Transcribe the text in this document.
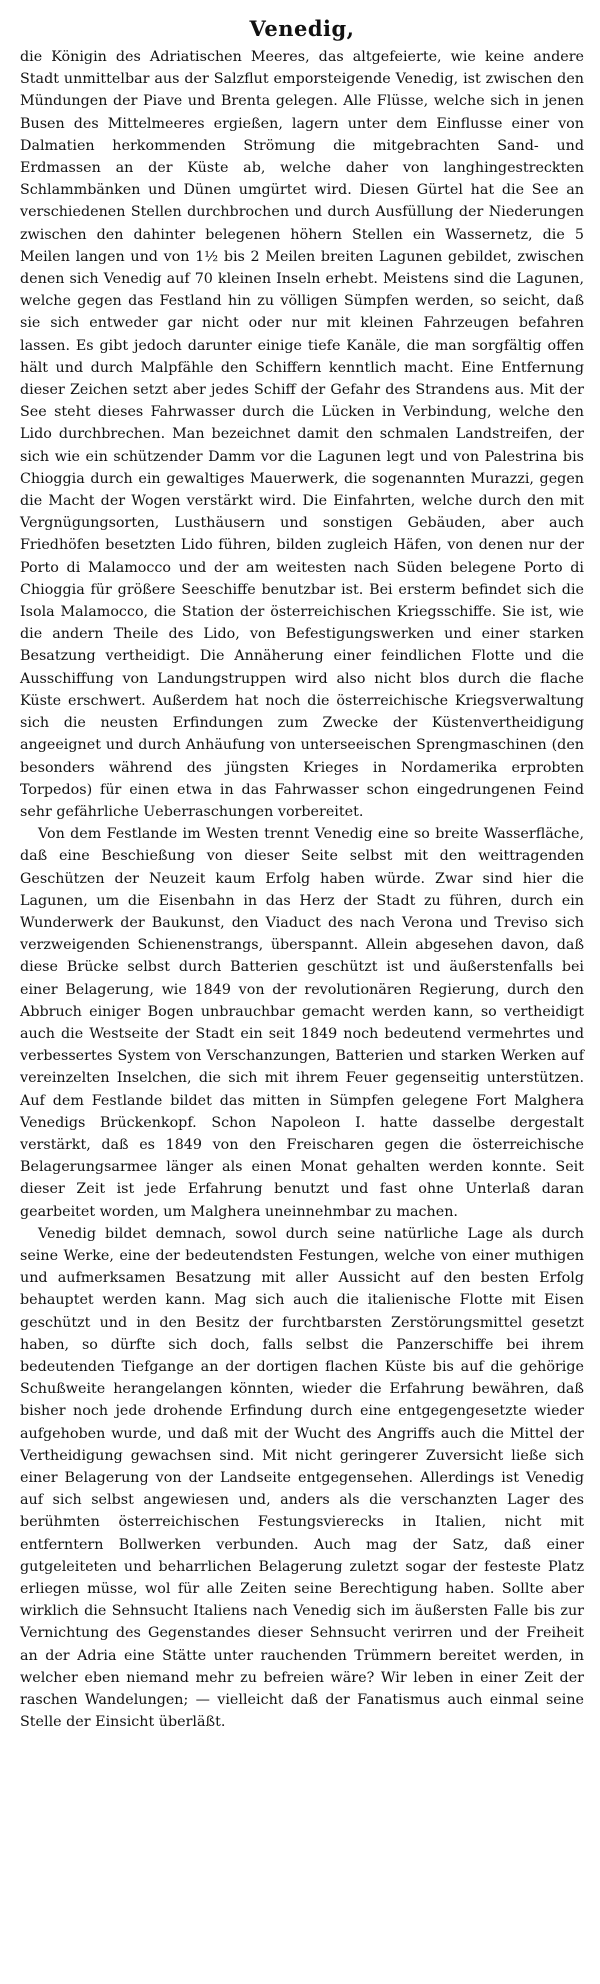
Venedig,

die Königin des Adriatischen Meeres, das altgefeierte, wie keine andere Stadt unmittelbar aus der Salzflut emporsteigende Venedig, ist zwischen den Mündungen der Piave und Brenta gelegen. Alle Flüsse, welche sich in jenen Busen des Mittelmeeres ergießen, lagern unter dem Einflusse einer von Dalmatien herkommenden Strömung die mitgebrachten Sand- und Erdmassen an der Küste ab, welche daher von langhingestreckten Schlammbänken und Dünen umgürtet wird. Diesen Gürtel hat die See an verschiedenen Stellen durchbrochen und durch Ausfüllung der Niederungen zwischen den dahinter belegenen höhern Stellen ein Wassernetz, die 5 Meilen langen und von 1½ bis 2 Meilen breiten Lagunen gebildet, zwischen denen sich Venedig auf 70 kleinen Inseln erhebt. Meistens sind die Lagunen, welche gegen das Festland hin zu völligen Sümpfen werden, so seicht, daß sie sich entweder gar nicht oder nur mit kleinen Fahrzeugen befahren lassen. Es gibt jedoch darunter einige tiefe Kanäle, die man sorgfältig offen hält und durch Malpfähle den Schiffern kenntlich macht. Eine Entfernung dieser Zeichen setzt aber jedes Schiff der Gefahr des Strandens aus. Mit der See steht dieses Fahrwasser durch die Lücken in Verbindung, welche den Lido durchbrechen. Man bezeichnet damit den schmalen Landstreifen, der sich wie ein schützender Damm vor die Lagunen legt und von Palestrina bis Chioggia durch ein gewaltiges Mauerwerk, die sogenannten Murazzi, gegen die Macht der Wogen verstärkt wird. Die Einfahrten, welche durch den mit Vergnügungsorten, Lusthäusern und sonstigen Gebäuden, aber auch Friedhöfen besetzten Lido führen, bilden zugleich Häfen, von denen nur der Porto di Malamocco und der am weitesten nach Süden belegene Porto di Chioggia für größere Seeschiffe benutzbar ist. Bei ersterm befindet sich die Isola Malamocco, die Station der österreichischen Kriegsschiffe. Sie ist, wie die andern Theile des Lido, von Befestigungswerken und einer starken Besatzung vertheidigt. Die Annäherung einer feindlichen Flotte und die Ausschiffung von Landungstruppen wird also nicht blos durch die flache Küste erschwert. Außerdem hat noch die österreichische Kriegsverwaltung sich die neusten Erfindungen zum Zwecke der Küstenvertheidigung angeeignet und durch Anhäufung von unterseeischen Sprengmaschinen (den besonders während des jüngsten Krieges in Nordamerika erprobten Torpedos) für einen etwa in das Fahrwasser schon eingedrungenen Feind sehr gefährliche Ueberraschungen vorbereitet.

Von dem Festlande im Westen trennt Venedig eine so breite Wasserfläche, daß eine Beschießung von dieser Seite selbst mit den weittragenden Geschützen der Neuzeit kaum Erfolg haben würde. Zwar sind hier die Lagunen, um die Eisenbahn in das Herz der Stadt zu führen, durch ein Wunderwerk der Baukunst, den Viaduct des nach Verona und Treviso sich verzweigenden Schienenstrangs, überspannt. Allein abgesehen davon, daß diese Brücke selbst durch Batterien geschützt ist und äußerstenfalls bei einer Belagerung, wie 1849 von der revolutionären Regierung, durch den Abbruch einiger Bogen unbrauchbar gemacht werden kann, so vertheidigt auch die Westseite der Stadt ein seit 1849 noch bedeutend vermehrtes und verbessertes System von Verschanzungen, Batterien und starken Werken auf vereinzelten Inselchen, die sich mit ihrem Feuer gegenseitig unterstützen. Auf dem Festlande bildet das mitten in Sümpfen gelegene Fort Malghera Venedigs Brückenkopf. Schon Napoleon I. hatte dasselbe dergestalt verstärkt, daß es 1849 von den Freischaren gegen die österreichische Belagerungsarmee länger als einen Monat gehalten werden konnte. Seit dieser Zeit ist jede Erfahrung benutzt und fast ohne Unterlaß daran gearbeitet worden, um Malghera uneinnehmbar zu machen.

Venedig bildet demnach, sowol durch seine natürliche Lage als durch seine Werke, eine der bedeutendsten Festungen, welche von einer muthigen und aufmerksamen Besatzung mit aller Aussicht auf den besten Erfolg behauptet werden kann. Mag sich auch die italienische Flotte mit Eisen geschützt und in den Besitz der furchtbarsten Zerstörungsmittel gesetzt haben, so dürfte sich doch, falls selbst die Panzerschiffe bei ihrem bedeutenden Tiefgange an der dortigen flachen Küste bis auf die gehörige Schußweite herangelangen könnten, wieder die Erfahrung bewähren, daß bisher noch jede drohende Erfindung durch eine entgegengesetzte wieder aufgehoben wurde, und daß mit der Wucht des Angriffs auch die Mittel der Vertheidigung gewachsen sind. Mit nicht geringerer Zuversicht ließe sich einer Belagerung von der Landseite entgegensehen. Allerdings ist Venedig auf sich selbst angewiesen und, anders als die verschanzten Lager des berühmten österreichischen Festungsvierecks in Italien, nicht mit entferntern Bollwerken verbunden. Auch mag der Satz, daß einer gutgeleiteten und beharrlichen Belagerung zuletzt sogar der festeste Platz erliegen müsse, wol für alle Zeiten seine Berechtigung haben. Sollte aber wirklich die Sehnsucht Italiens nach Venedig sich im äußersten Falle bis zur Vernichtung des Gegenstandes dieser Sehnsucht verirren und der Freiheit an der Adria eine Stätte unter rauchenden Trümmern bereitet werden, in welcher eben niemand mehr zu befreien wäre? Wir leben in einer Zeit der raschen Wandelungen; — vielleicht daß der Fanatismus auch einmal seine Stelle der Einsicht überläßt.
